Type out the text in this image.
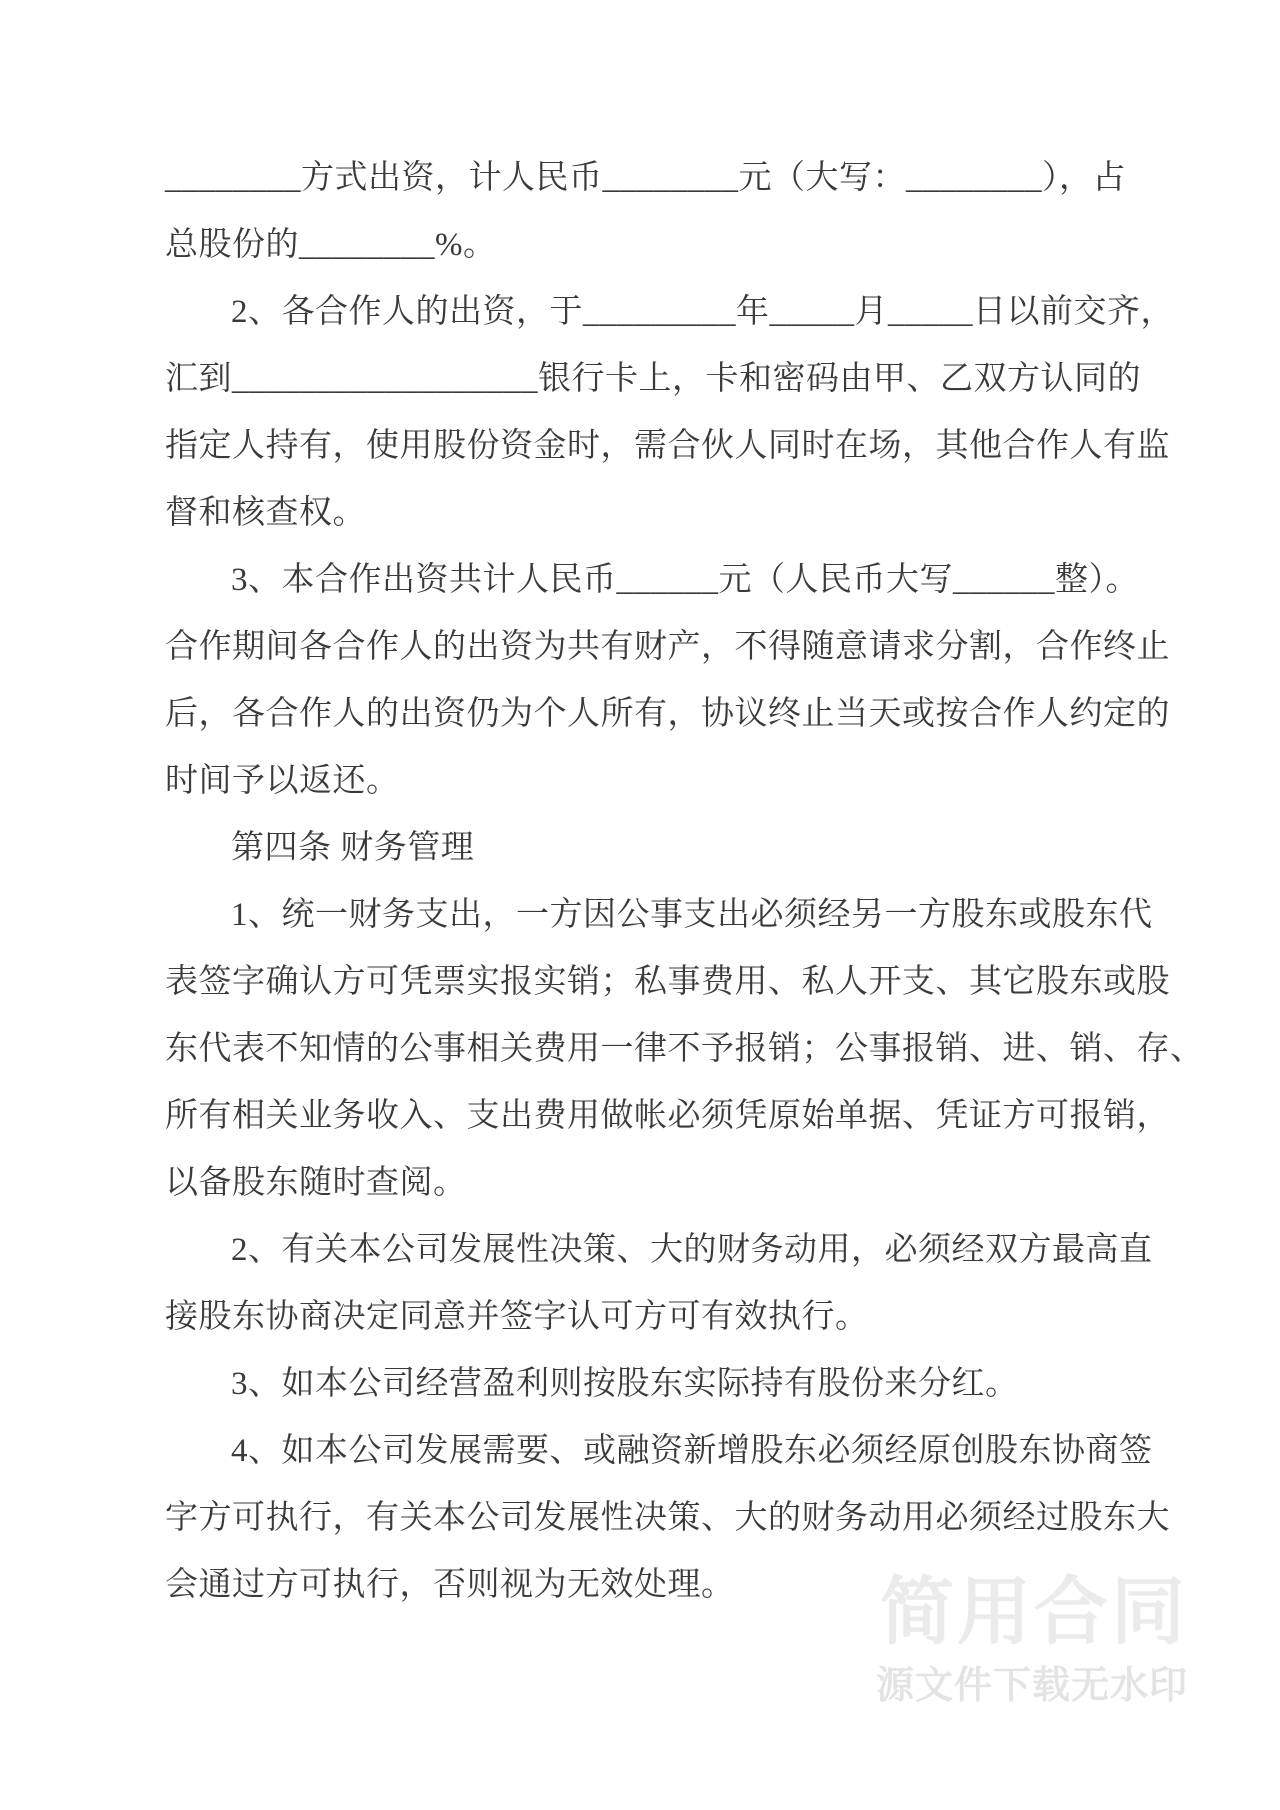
________方式出资，计人民币________元（大写：________），占
总股份的________%。
2、各合作人的出资，于_________年_____月_____日以前交齐，
汇到__________________银行卡上，卡和密码由甲、乙双方认同的
指定人持有，使用股份资金时，需合伙人同时在场，其他合作人有监
督和核查权。
3、本合作出资共计人民币______元（人民币大写______整）。
合作期间各合作人的出资为共有财产，不得随意请求分割，合作终止
后，各合作人的出资仍为个人所有，协议终止当天或按合作人约定的
时间予以返还。
第四条 财务管理
1、统一财务支出，一方因公事支出必须经另一方股东或股东代
表签字确认方可凭票实报实销；私事费用、私人开支、其它股东或股
东代表不知情的公事相关费用一律不予报销；公事报销、进、销、存、
所有相关业务收入、支出费用做帐必须凭原始单据、凭证方可报销，
以备股东随时查阅。
2、有关本公司发展性决策、大的财务动用，必须经双方最高直
接股东协商决定同意并签字认可方可有效执行。
3、如本公司经营盈利则按股东实际持有股份来分红。
4、如本公司发展需要、或融资新增股东必须经原创股东协商签
字方可执行，有关本公司发展性决策、大的财务动用必须经过股东大
会通过方可执行，否则视为无效处理。	简用合同
源文件下载无水印
